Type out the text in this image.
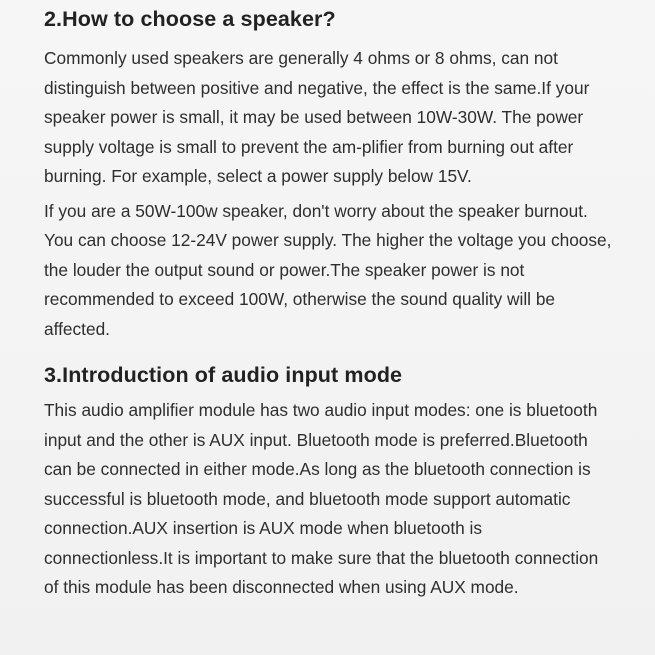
2.How to choose a speaker?

Commonly used speakers are generally 4 ohms or 8 ohms, can not distinguish between positive and negative, the effect is the same.If your speaker power is small, it may be used between 10W-30W. The power supply voltage is small to prevent the am-plifier from burning out after burning. For example, select a power supply below 15V.

If you are a 50W-100w speaker, don't worry about the speaker burnout. You can choose 12-24V power supply. The higher the voltage you choose, the louder the output sound or power.The speaker power is not recommended to exceed 100W, otherwise the sound quality will be affected.

3.Introduction of audio input mode

This audio amplifier module has two audio input modes: one is bluetooth input and the other is AUX input. Bluetooth mode is preferred.Bluetooth can be connected in either mode.As long as the bluetooth connection is successful is bluetooth mode, and bluetooth mode support automatic connection.AUX insertion is AUX mode when bluetooth is connectionless.It is important to make sure that the bluetooth connection of this module has been disconnected when using AUX mode.
